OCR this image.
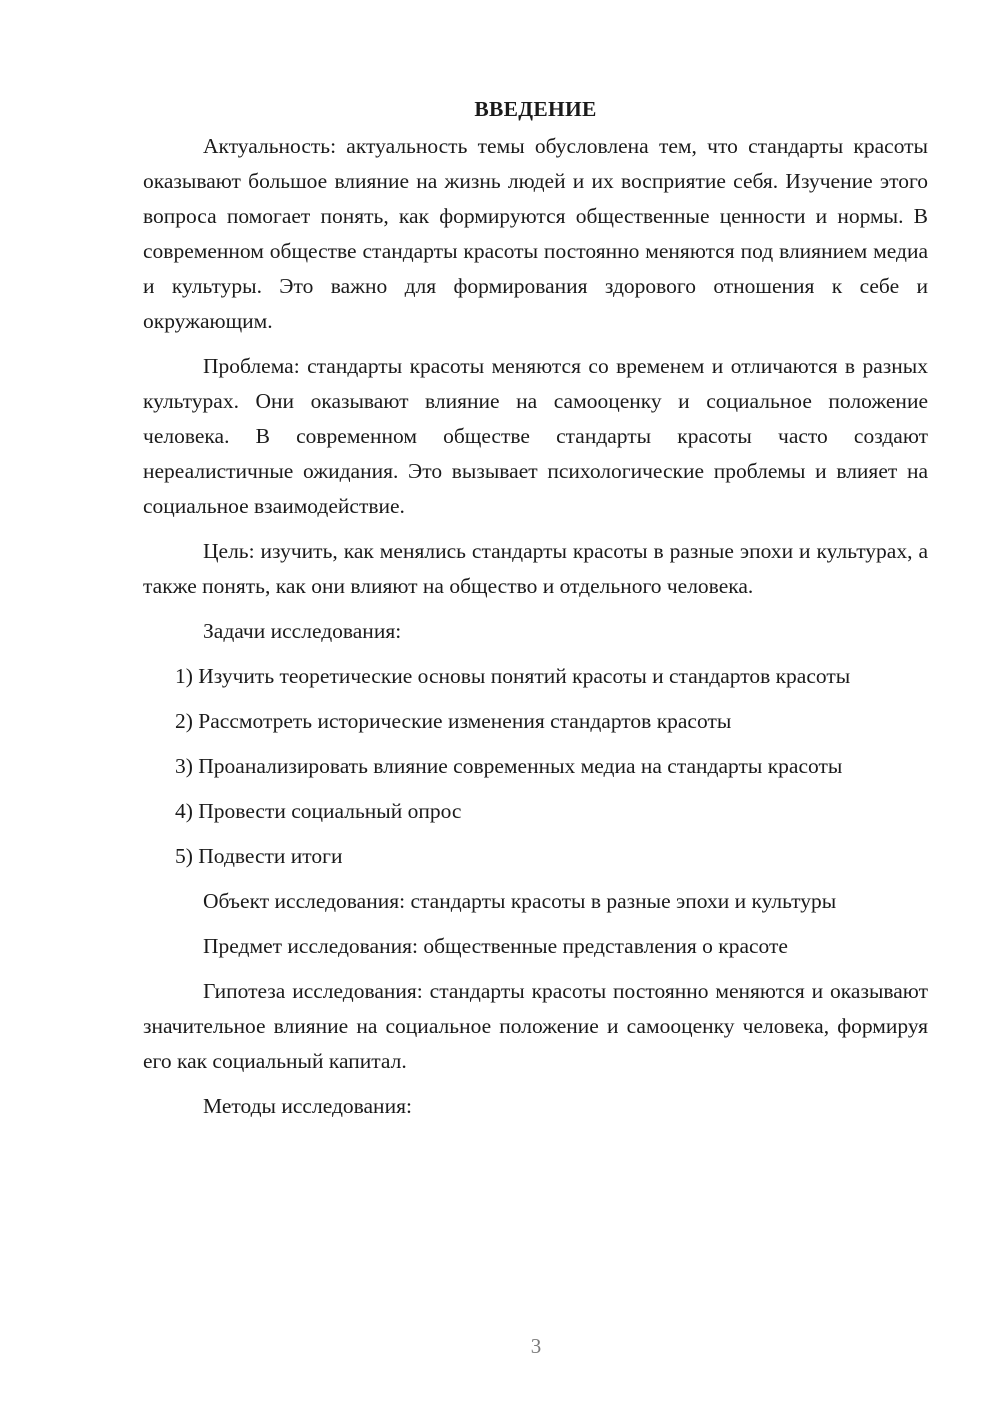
ВВЕДЕНИЕ

Актуальность: актуальность темы обусловлена тем, что стандарты красоты оказывают большое влияние на жизнь людей и их восприятие себя. Изучение этого вопроса помогает понять, как формируются общественные ценности и нормы. В современном обществе стандарты красоты постоянно меняются под влиянием медиа и культуры. Это важно для формирования здорового отношения к себе и окружающим.

Проблема: стандарты красоты меняются со временем и отличаются в разных культурах. Они оказывают влияние на самооценку и социальное положение человека. В современном обществе стандарты красоты часто создают нереалистичные ожидания. Это вызывает психологические проблемы и влияет на социальное взаимодействие.

Цель: изучить, как менялись стандарты красоты в разные эпохи и культурах, а также понять, как они влияют на общество и отдельного человека.

Задачи исследования:

1) Изучить теоретические основы понятий красоты и стандартов красоты

2) Рассмотреть исторические изменения стандартов красоты

3) Проанализировать влияние современных медиа на стандарты красоты

4) Провести социальный опрос

5) Подвести итоги

Объект исследования: стандарты красоты в разные эпохи и культуры

Предмет исследования: общественные представления о красоте

Гипотеза исследования: стандарты красоты постоянно меняются и оказывают значительное влияние на социальное положение и самооценку человека, формируя его как социальный капитал.

Методы исследования:

3
